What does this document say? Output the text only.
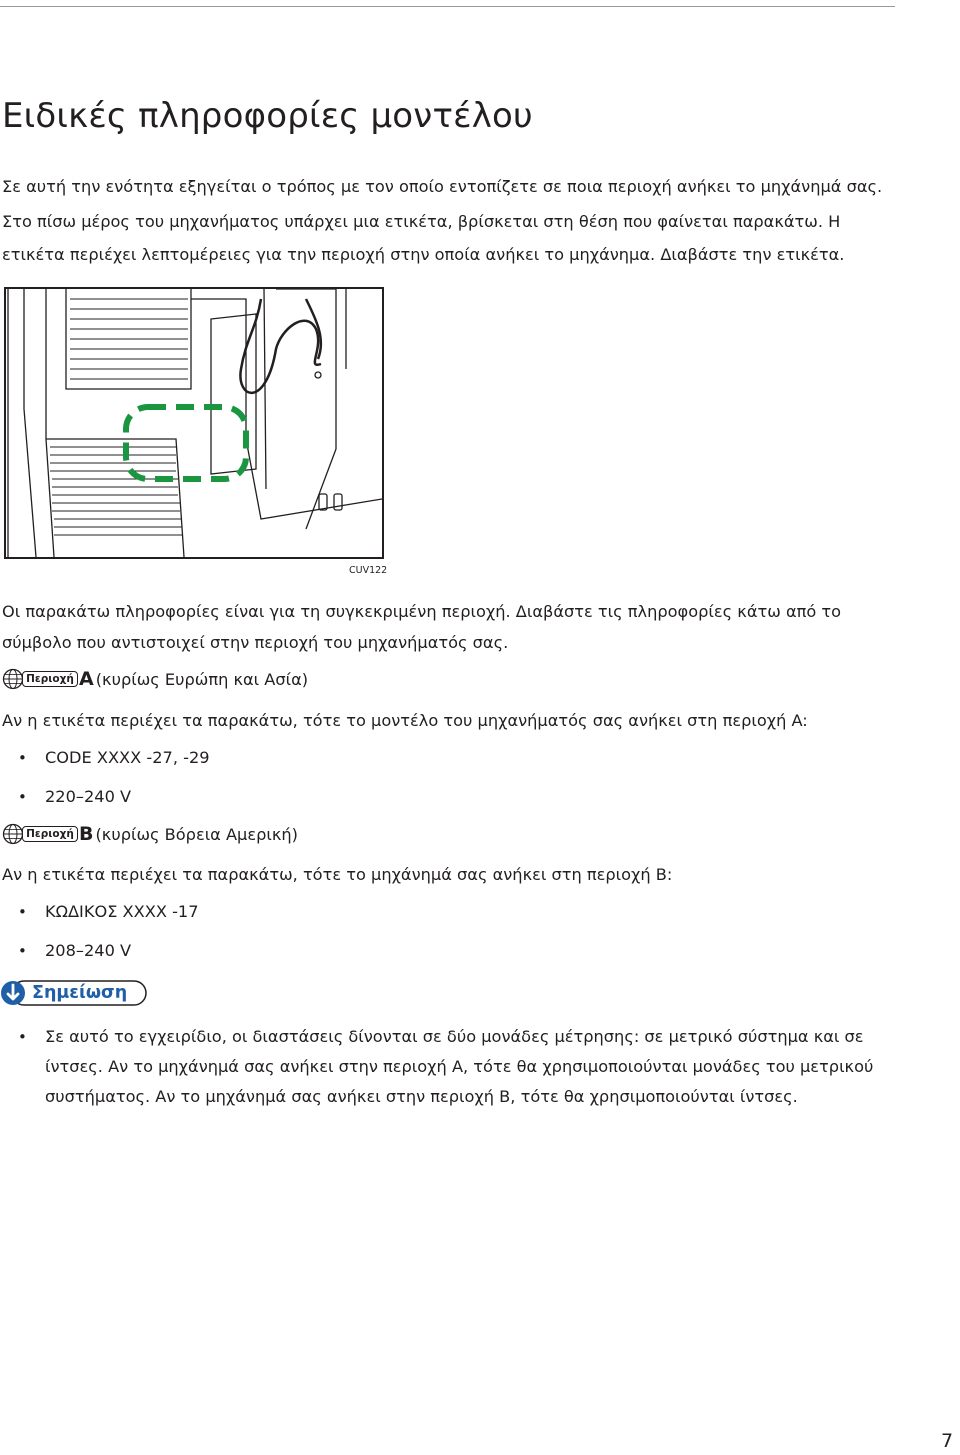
Ειδικές πληροφορίες μοντέλου

Σε αυτή την ενότητα εξηγείται ο τρόπος με τον οποίο εντοπίζετε σε ποια περιοχή ανήκει το μηχάνημά σας.

Στο πίσω μέρος του μηχανήματος υπάρχει μια ετικέτα, βρίσκεται στη θέση που φαίνεται παρακάτω. Η

ετικέτα περιέχει λεπτομέρειες για την περιοχή στην οποία ανήκει το μηχάνημα. Διαβάστε την ετικέτα.

CUV122

Οι παρακάτω πληροφορίες είναι για τη συγκεκριμένη περιοχή. Διαβάστε τις πληροφορίες κάτω από το

σύμβολο που αντιστοιχεί στην περιοχή του μηχανήματός σας.

Περιοχή A (κυρίως Ευρώπη και Ασία)

Αν η ετικέτα περιέχει τα παρακάτω, τότε το μοντέλο του μηχανήματός σας ανήκει στη περιοχή A:

• CODE XXXX -27, -29
• 220–240 V
Περιοχή B (κυρίως Βόρεια Αμερική)

Αν η ετικέτα περιέχει τα παρακάτω, τότε το μηχάνημά σας ανήκει στη περιοχή B:

• ΚΩΔΙΚΟΣ XXXX -17
• 208–240 V
Σημείωση
• Σε αυτό το εγχειρίδιο, οι διαστάσεις δίνονται σε δύο μονάδες μέτρησης: σε μετρικό σύστημα και σε ίντσες. Αν το μηχάνημά σας ανήκει στην περιοχή A, τότε θα χρησιμοποιούνται μονάδες του μετρικού συστήματος. Αν το μηχάνημά σας ανήκει στην περιοχή B, τότε θα χρησιμοποιούνται ίντσες.
7
